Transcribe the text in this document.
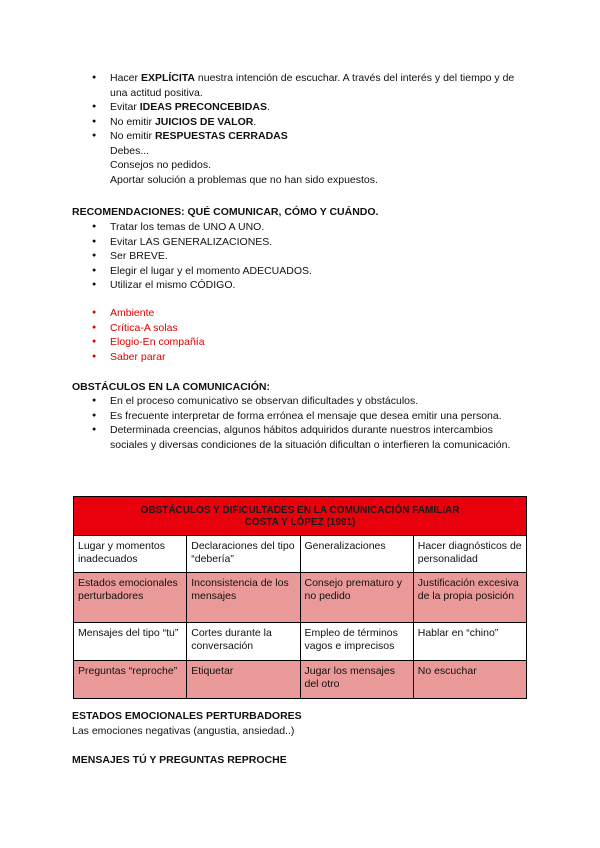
● Hacer EXPLÍCITA nuestra intención de escuchar. A través del interés y del tiempo y de una actitud positiva.
● Evitar IDEAS PRECONCEBIDAS.
● No emitir JUICIOS DE VALOR.
● No emitir RESPUESTAS CERRADAS
Debes...
Consejos no pedidos.
Aportar solución a problemas que no han sido expuestos.
RECOMENDACIONES: QUÉ COMUNICAR, CÓMO Y CUÁNDO.
● Tratar los temas de UNO A UNO.
● Evitar LAS GENERALIZACIONES.
● Ser BREVE.
● Elegir el lugar y el momento ADECUADOS.
● Utilizar el mismo CÓDIGO.
● Ambiente
● Crítica-A solas
● Elogio-En compañía
● Saber parar
OBSTÁCULOS EN LA COMUNICACIÓN:
● En el proceso comunicativo se observan dificultades y obstáculos.
● Es frecuente interpretar de forma errónea el mensaje que desea emitir una persona.
● Determinada creencias, algunos hábitos adquiridos durante nuestros intercambios sociales y diversas condiciones de la situación dificultan o interfieren la comunicación.
OBSTÁCULOS Y DIFICULTADES EN LA COMUNICACIÓN FAMILIAR
COSTA Y LÓPEZ (1991)			

Lugar y momentos inadecuados	Declaraciones del tipo “debería”	Generalizaciones	Hacer diagnósticos de personalidad
Estados emocionales perturbadores	Inconsistencia de los mensajes	Consejo prematuro y no pedido	Justificación excesiva de la propia posición
Mensajes del tipo “tu”	Cortes durante la conversación	Empleo de términos vagos e imprecisos	Hablar en “chino”
Preguntas “reproche”	Etiquetar	Jugar los mensajes del otro	No escuchar
ESTADOS EMOCIONALES PERTURBADORES
Las emociones negativas (angustia, ansiedad..)
MENSAJES TÚ Y PREGUNTAS REPROCHE
